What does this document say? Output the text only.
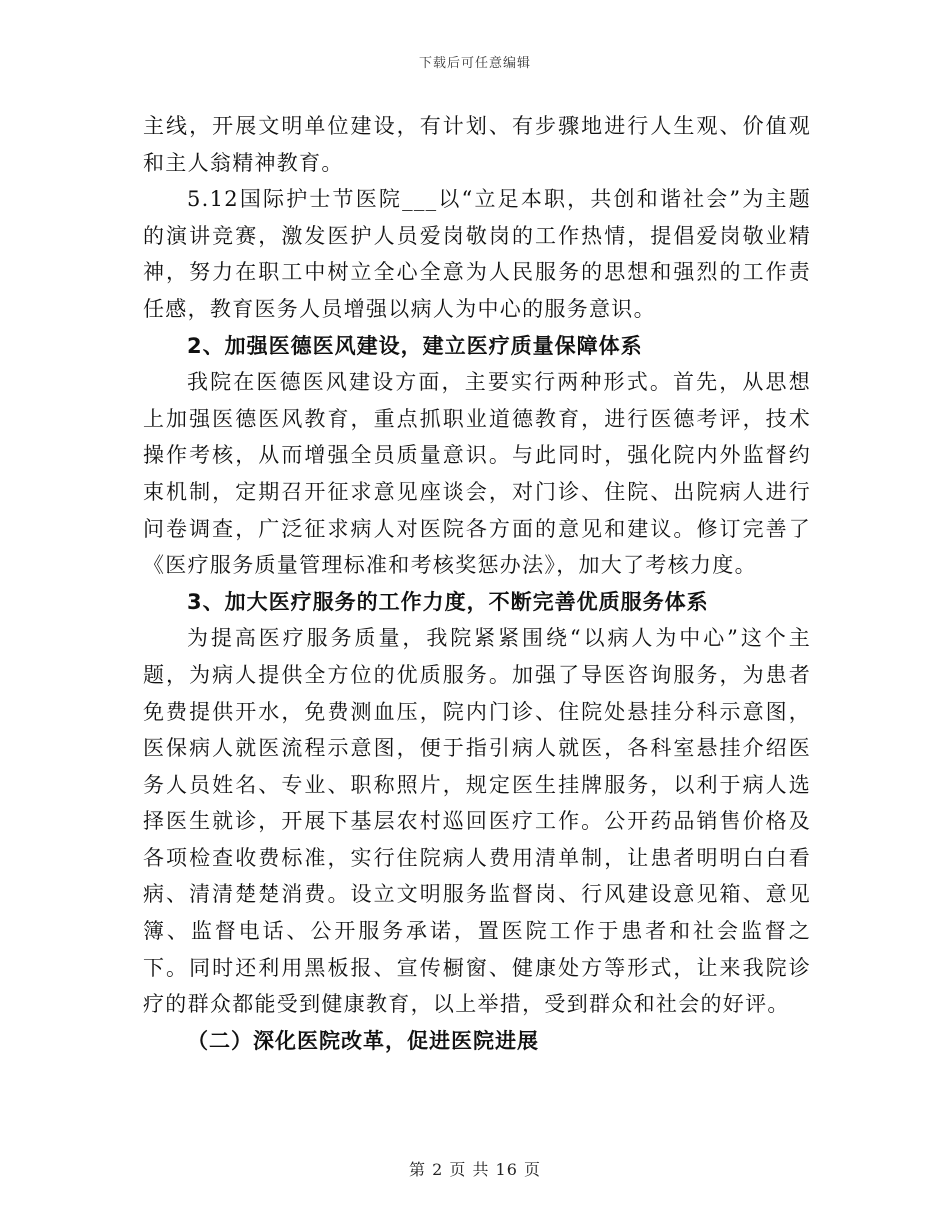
下载后可任意编辑

主线，开展文明单位建设，有计划、有步骤地进行人生观、价值观和主人翁精神教育。

5.12国际护士节医院___以“立足本职，共创和谐社会”为主题的演讲竞赛，激发医护人员爱岗敬岗的工作热情，提倡爱岗敬业精神，努力在职工中树立全心全意为人民服务的思想和强烈的工作责任感，教育医务人员增强以病人为中心的服务意识。

2、加强医德医风建设，建立医疗质量保障体系

我院在医德医风建设方面，主要实行两种形式。首先，从思想上加强医德医风教育，重点抓职业道德教育，进行医德考评，技术操作考核，从而增强全员质量意识。与此同时，强化院内外监督约束机制，定期召开征求意见座谈会，对门诊、住院、出院病人进行问卷调查，广泛征求病人对医院各方面的意见和建议。修订完善了《医疗服务质量管理标准和考核奖惩办法》，加大了考核力度。

3、加大医疗服务的工作力度，不断完善优质服务体系

为提高医疗服务质量，我院紧紧围绕“以病人为中心”这个主题，为病人提供全方位的优质服务。加强了导医咨询服务，为患者免费提供开水，免费测血压，院内门诊、住院处悬挂分科示意图，医保病人就医流程示意图，便于指引病人就医，各科室悬挂介绍医务人员姓名、专业、职称照片，规定医生挂牌服务，以利于病人选择医生就诊，开展下基层农村巡回医疗工作。公开药品销售价格及各项检查收费标准，实行住院病人费用清单制，让患者明明白白看病、清清楚楚消费。设立文明服务监督岗、行风建设意见箱、意见簿、监督电话、公开服务承诺，置医院工作于患者和社会监督之下。同时还利用黑板报、宣传橱窗、健康处方等形式，让来我院诊疗的群众都能受到健康教育，以上举措，受到群众和社会的好评。

（二）深化医院改革，促进医院进展

第 2 页 共 16 页
